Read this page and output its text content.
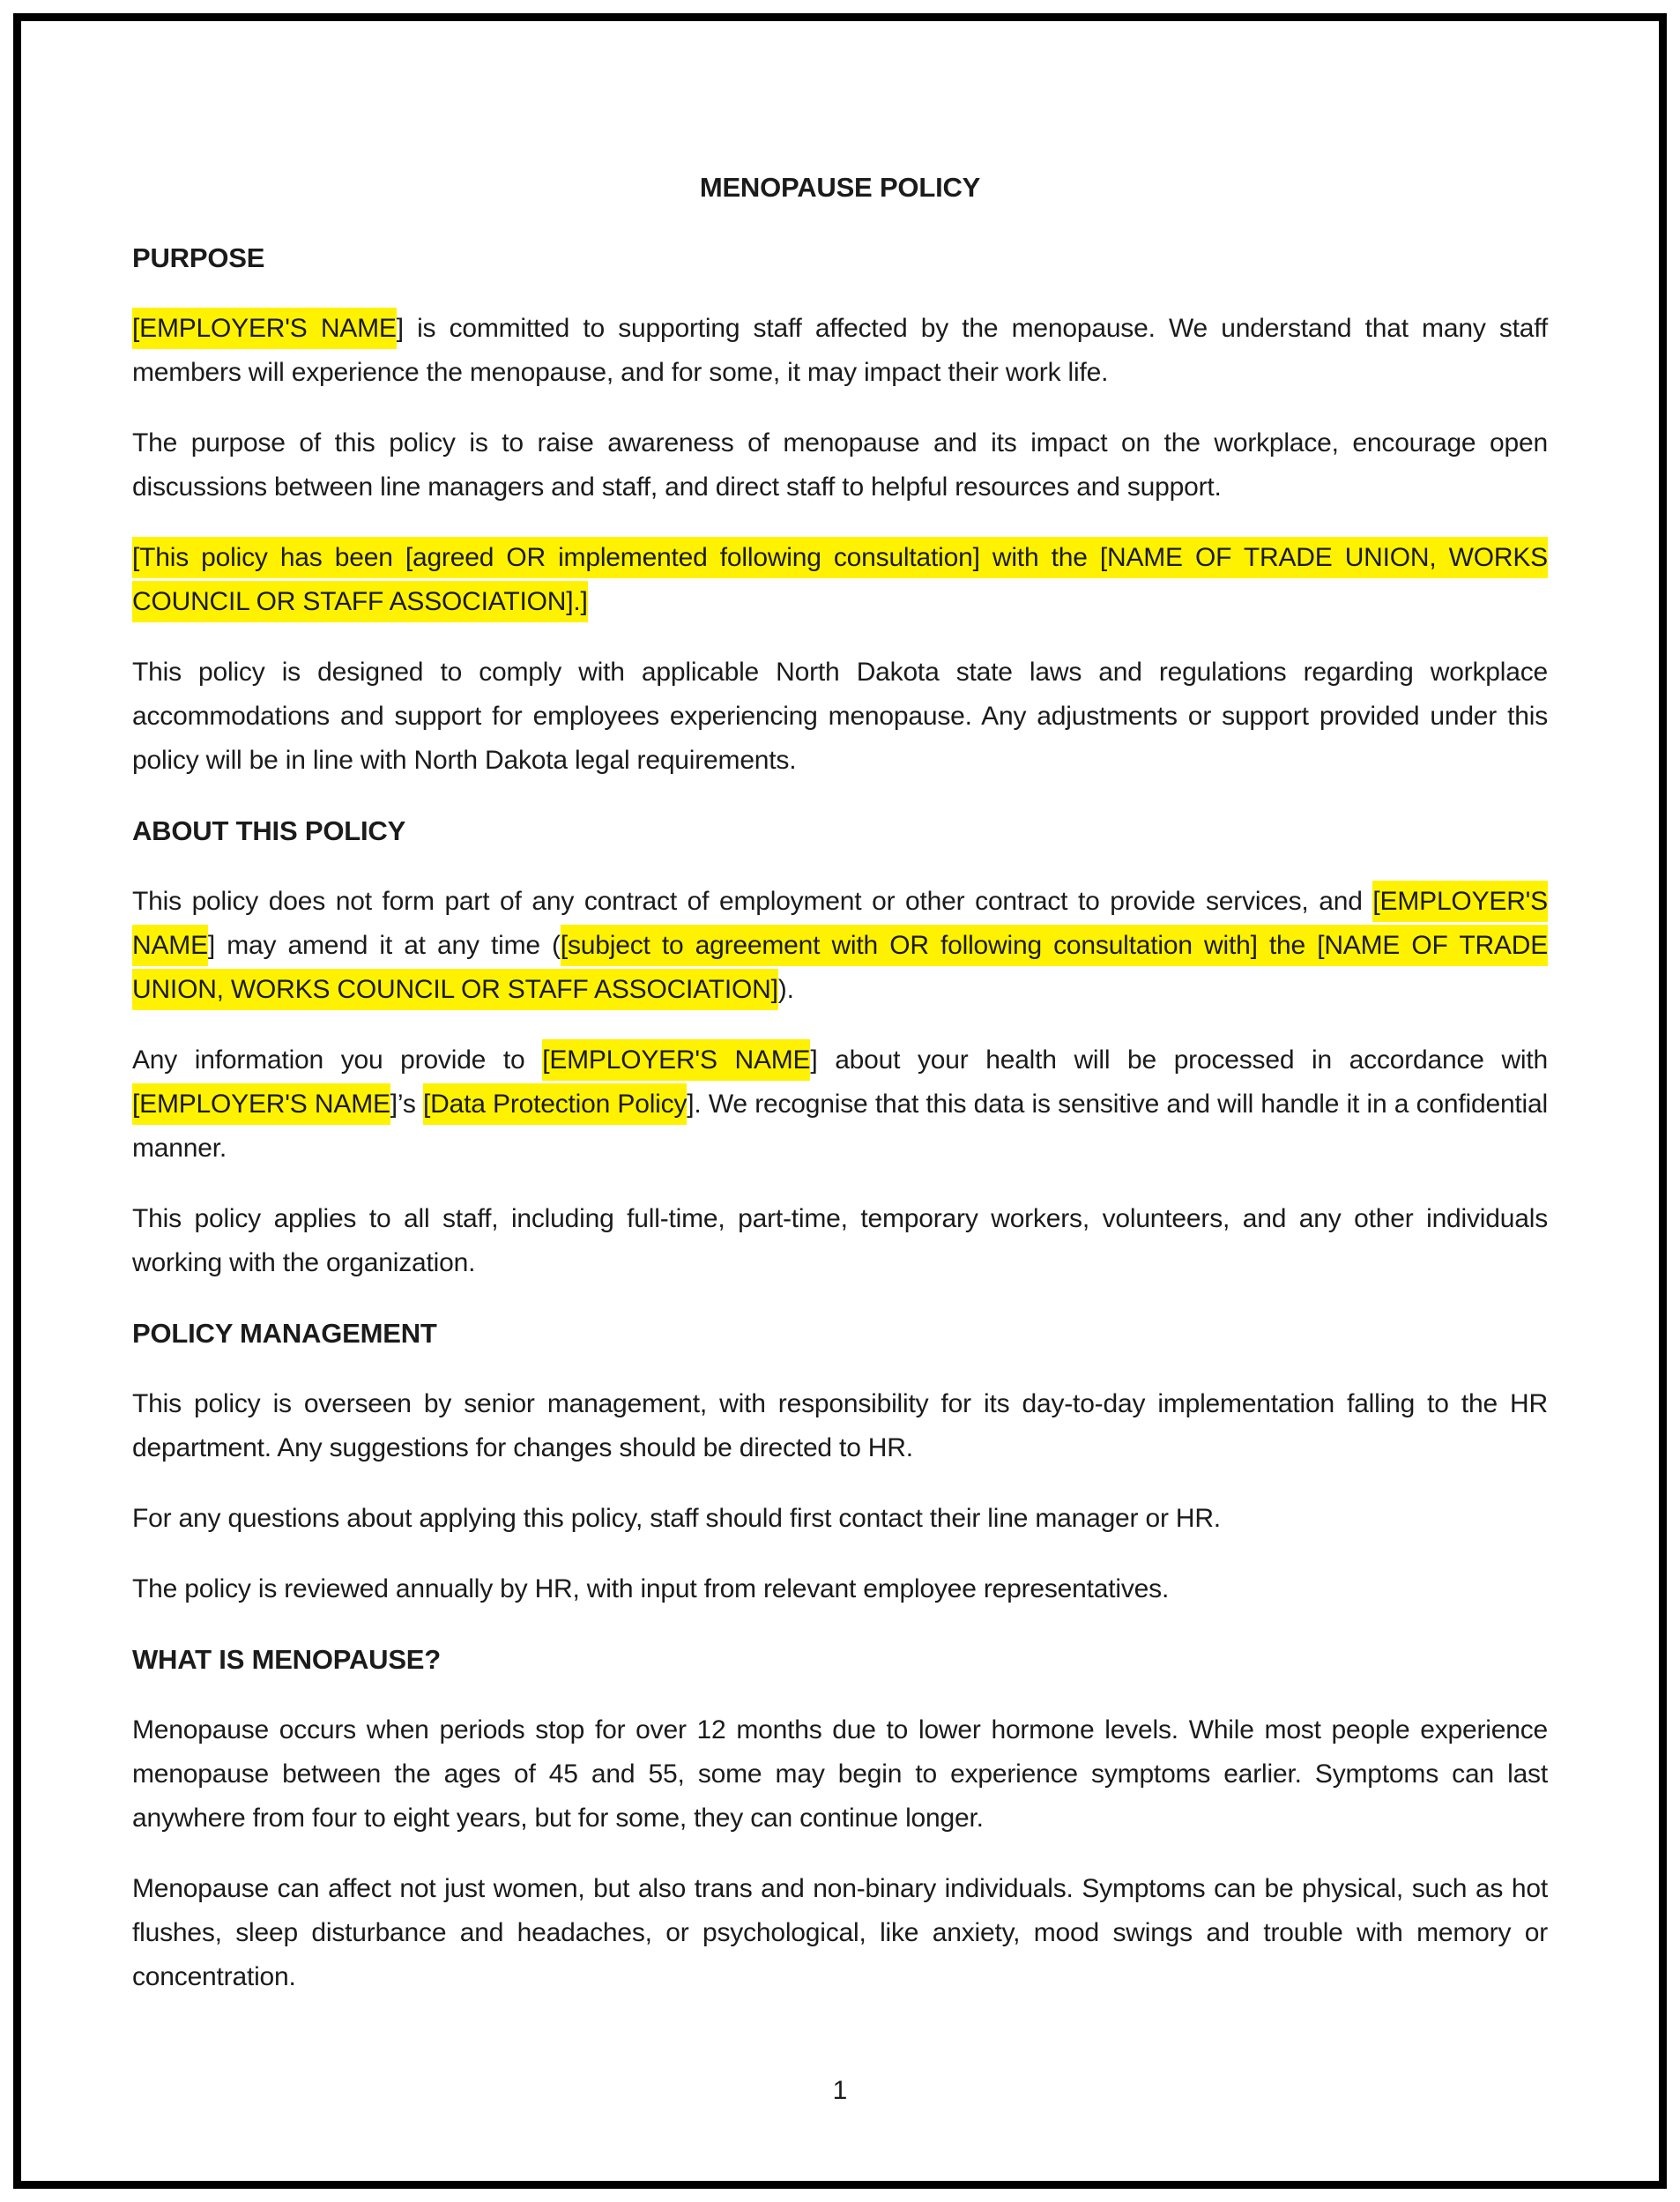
MENOPAUSE POLICY
PURPOSE

[EMPLOYER'S NAME] is committed to supporting staff affected by the menopause. We understand that many staff members will experience the menopause, and for some, it may impact their work life.

The purpose of this policy is to raise awareness of menopause and its impact on the workplace, encourage open discussions between line managers and staff, and direct staff to helpful resources and support.

[This policy has been [agreed OR implemented following consultation] with the [NAME OF TRADE UNION, WORKS COUNCIL OR STAFF ASSOCIATION].]

This policy is designed to comply with applicable North Dakota state laws and regulations regarding workplace accommodations and support for employees experiencing menopause. Any adjustments or support provided under this policy will be in line with North Dakota legal requirements.

ABOUT THIS POLICY

This policy does not form part of any contract of employment or other contract to provide services, and [EMPLOYER'S NAME] may amend it at any time ([subject to agreement with OR following consultation with] the [NAME OF TRADE UNION, WORKS COUNCIL OR STAFF ASSOCIATION]).

Any information you provide to [EMPLOYER'S NAME] about your health will be processed in accordance with [EMPLOYER'S NAME]’s [Data Protection Policy]. We recognise that this data is sensitive and will handle it in a confidential manner.

This policy applies to all staff, including full-time, part-time, temporary workers, volunteers, and any other individuals working with the organization.

POLICY MANAGEMENT

This policy is overseen by senior management, with responsibility for its day-to-day implementation falling to the HR department. Any suggestions for changes should be directed to HR.

For any questions about applying this policy, staff should first contact their line manager or HR.

The policy is reviewed annually by HR, with input from relevant employee representatives.

WHAT IS MENOPAUSE?

Menopause occurs when periods stop for over 12 months due to lower hormone levels. While most people experience menopause between the ages of 45 and 55, some may begin to experience symptoms earlier. Symptoms can last anywhere from four to eight years, but for some, they can continue longer.

Menopause can affect not just women, but also trans and non-binary individuals. Symptoms can be physical, such as hot flushes, sleep disturbance and headaches, or psychological, like anxiety, mood swings and trouble with memory or concentration.

1
